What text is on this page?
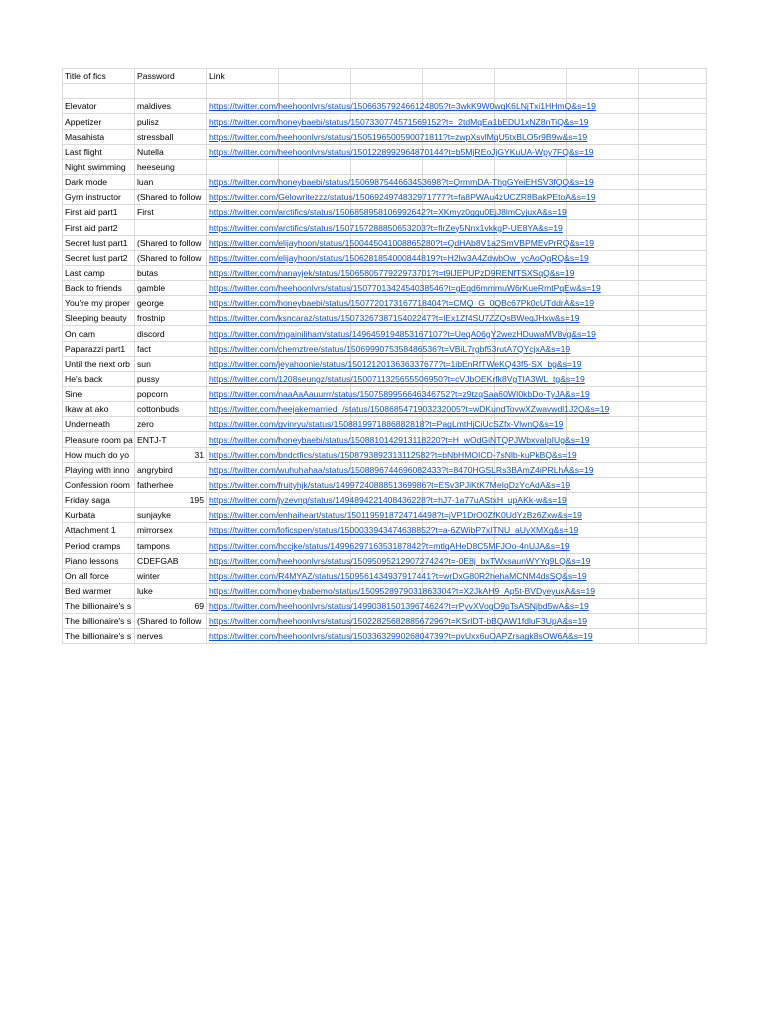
Title of fics	Password	Link						

Elevator	maldives	https://twitter.com/heehoonlvrs/status/1506635792466124805?t=3wkK9W0wqK6LNjTxi1HHmQ&s=19						
Appetizer	pulisz	https://twitter.com/honeybaebi/status/1507330774571569152?t=_2tdMqEa1bEDU1xNZ8nTiQ&s=19						
Masahista	stressball	https://twitter.com/heehoonlvrs/status/1505196500590071811?t=zwpXsvlMqU5txBLO5r9B9w&s=19						
Last flight	Nutella	https://twitter.com/heehoonlvrs/status/1501228992964870144?t=b5MjREoJjGYKuUA-Wpy7FQ&s=19						
Night swimming	heeseung							
Dark mode	luan	https://twitter.com/honeybaebi/status/1506987544663453698?t=QrmmDA-ThgGYeiEHSV3fQQ&s=19						
Gym instructor	(Shared to follow	https://twitter.com/Gelowritezzz/status/1506924974832971777?t=fa8PWAu4zUCZR8BakPEtoA&s=19						
First aid part1	First	https://twitter.com/arctifics/status/1506858958106992642?t=XKmyz0ggu0EjJ8lmCyjuxA&s=19						
First aid part2		https://twitter.com/arctifics/status/1507157288850653203?t=flrZey5Nnx1vkkgP-UE8YA&s=19						
Secret lust part1	(Shared to follow	https://twitter.com/elijayhoon/status/1500445041008865280?t=QdHAb8V1a2SmVBPMEvPrRQ&s=19						
Secret lust part2	(Shared to follow	https://twitter.com/elijayhoon/status/1506281854000844819?t=H2lw3A4ZdwbOw_ycAoQqRQ&s=19						
Last camp	butas	https://twitter.com/nanayjek/status/1506580577922973701?t=t9lJEPUPzD9RENfTSXSqQ&s=19						
Back to friends	gamble	https://twitter.com/heehoonlvrs/status/1507701342454038546?t=gEqd6mmmuW6rKueRmtPqEw&s=19						
You're my proper	george	https://twitter.com/honeybaebi/status/1507720173167718404?t=CMQ_G_0QBc67Pk0cUTddrA&s=19						
Sleeping beauty	frostnip	https://twitter.com/ksncaraz/status/1507326738715402247?t=lEx1Zf4SU7ZZQsBWeqJHxw&s=19						
On cam	discord	https://twitter.com/mgainiliham/status/1496459194853167107?t=UeqA06gY2wezHDuwaMV8vg&s=19						
Paparazzi part1	fact	https://twitter.com/chemztree/status/1506999075358486536?t=VBiL7rgbf53rutA7QYcjxA&s=19						
Until the next orb	sun	https://twitter.com/jeyahoonie/status/1501212013636337677?t=1ibEnRfTWeKQ43f5-SX_bg&s=19						
He's back	pussy	https://twitter.com/1208seungz/status/1500711325655506950?t=cVJbOEKrfk8VgTIA3WL_tg&s=19						
Sine	popcorn	https://twitter.com/naaAaAauurrr/status/1507589956646346752?t=z9tzqSaa60WI0kbDo-TyJA&s=19						
Ikaw at ako	cottonbuds	https://twitter.com/heejakemarried_/status/1508685471903232005?t=wDKundTovwXZwavwdl1J2Q&s=19						
Underneath	zero	https://twitter.com/gvinryu/status/1508819971886882818?t=PagLmtHjCiUcSZfx-VlwnQ&s=19						
Pleasure room pa	ENTJ-T	https://twitter.com/honeybaebi/status/1508810142913118220?t=H_wOdGiNTQPJWbxvaIpIUg&s=19						
How much do yo	31	https://twitter.com/bndctfics/status/1508793892313112582?t=bNbHMOICD-7sNlb-kuPkBQ&s=19						
Playing with inno	angrybird	https://twitter.com/wuhuhahaa/status/1508896744696082433?t=8470HGSLRs3BAmZ4iPRLhA&s=19						
Confession room	fatherhee	https://twitter.com/fruityhjk/status/1499724088851369986?t=ESv3PJiKtK7MeIqDzYcAdA&s=19						
Friday saga	195	https://twitter.com/jyzevng/status/1494894221408436228?t=hJ7-1a77uAStxH_upAKk-w&s=19						
Kurbata	sunjayke	https://twitter.com/enhaiheart/status/1501195918724714498?t=jVP1DrO0ZfK0UdYzBz6Zxw&s=19						
Attachment 1	mirrorsex	https://twitter.com/loficspen/status/1500033943474638852?t=a-6ZWibP7xITNU_aUyXMXg&s=19						
Period cramps	tampons	https://twitter.com/hccjke/status/1499629716353187842?t=mtlqAHeD8C5MFJOo-4nUJA&s=19						
Piano lessons	CDEFGAB	https://twitter.com/heehoonlvrs/status/1509509521290727424?t=-0E8j_bxTWxsaunWYYq9LQ&s=19						
On all force	winter	https://twitter.com/R4MYAZ/status/1509561434937917441?t=wrDxG80R2hehaMCNM4dsSQ&s=19						
Bed warmer	luke	https://twitter.com/honeybabemo/status/1509528979031863304?t=X2JkAH9_Ap5t-BVDyeyuxA&s=19						
The billionaire's s	69	https://twitter.com/heehoonlvrs/status/1499038150139674624?t=rPyvXVogO9pTsASNjbd5wA&s=19						
The billionaire's s	(Shared to follow	https://twitter.com/heehoonlvrs/status/1502282568288567296?t=KSrIDT-bBQAW1fdluF3UpA&s=19						
The billionaire's s	nerves	https://twitter.com/heehoonlvrs/status/1503363299026804739?t=pvUxx6uOAPZrsagk8sOW6A&s=19						
